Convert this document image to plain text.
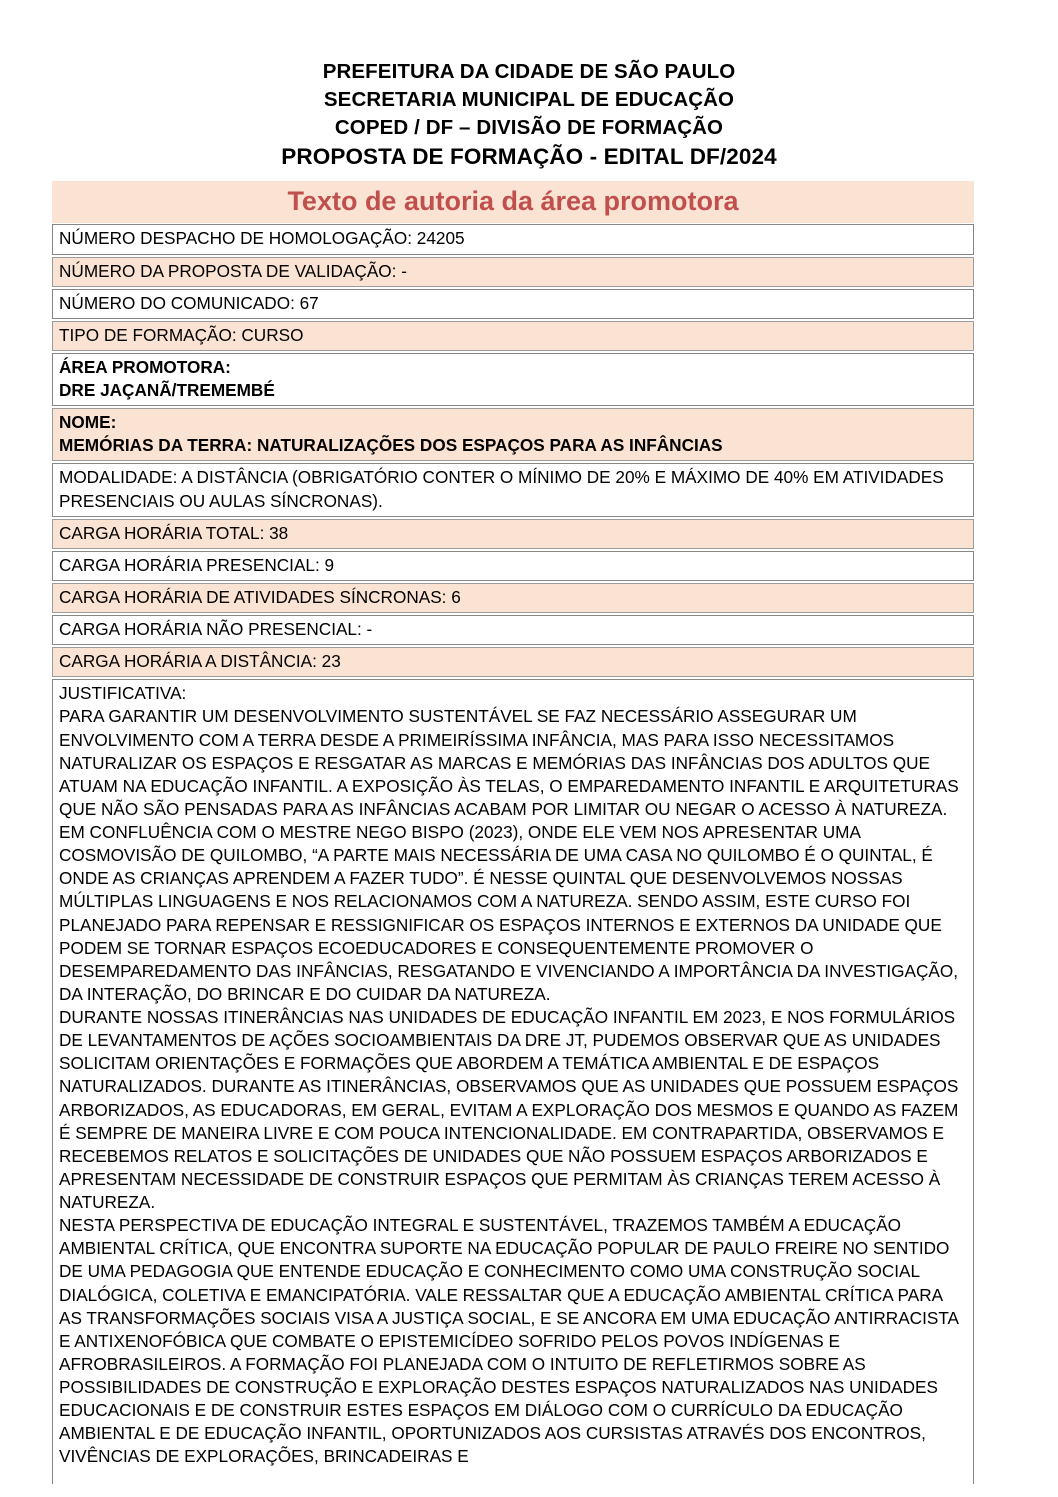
PREFEITURA DA CIDADE DE SÃO PAULO
SECRETARIA MUNICIPAL DE EDUCAÇÃO
COPED / DF – DIVISÃO DE FORMAÇÃO
PROPOSTA DE FORMAÇÃO - EDITAL DF/2024
Texto de autoria da área promotora
NÚMERO DESPACHO DE HOMOLOGAÇÃO: 24205
NÚMERO DA PROPOSTA DE VALIDAÇÃO: -
NÚMERO DO COMUNICADO: 67
TIPO DE FORMAÇÃO: CURSO
ÁREA PROMOTORA:
DRE JAÇANÃ/TREMEMBÉ
NOME:
MEMÓRIAS DA TERRA: NATURALIZAÇÕES DOS ESPAÇOS PARA AS INFÂNCIAS
MODALIDADE: A DISTÂNCIA (OBRIGATÓRIO CONTER O MÍNIMO DE 20% E MÁXIMO DE 40% EM ATIVIDADES PRESENCIAIS OU AULAS SÍNCRONAS).
CARGA HORÁRIA TOTAL: 38
CARGA HORÁRIA PRESENCIAL: 9
CARGA HORÁRIA DE ATIVIDADES SÍNCRONAS: 6
CARGA HORÁRIA NÃO PRESENCIAL: -
CARGA HORÁRIA A DISTÂNCIA: 23

JUSTIFICATIVA:

PARA GARANTIR UM DESENVOLVIMENTO SUSTENTÁVEL SE FAZ NECESSÁRIO ASSEGURAR UM ENVOLVIMENTO COM A TERRA DESDE A PRIMEIRÍSSIMA INFÂNCIA, MAS PARA ISSO NECESSITAMOS NATURALIZAR OS ESPAÇOS E RESGATAR AS MARCAS E MEMÓRIAS DAS INFÂNCIAS DOS ADULTOS QUE ATUAM NA EDUCAÇÃO INFANTIL. A EXPOSIÇÃO ÀS TELAS, O EMPAREDAMENTO INFANTIL E ARQUITETURAS QUE NÃO SÃO PENSADAS PARA AS INFÂNCIAS ACABAM POR LIMITAR OU NEGAR O ACESSO À NATUREZA. EM CONFLUÊNCIA COM O MESTRE NEGO BISPO (2023), ONDE ELE VEM NOS APRESENTAR UMA COSMOVISÃO DE QUILOMBO, “A PARTE MAIS NECESSÁRIA DE UMA CASA NO QUILOMBO É O QUINTAL, É ONDE AS CRIANÇAS APRENDEM A FAZER TUDO”. É NESSE QUINTAL QUE DESENVOLVEMOS NOSSAS MÚLTIPLAS LINGUAGENS E NOS RELACIONAMOS COM A NATUREZA. SENDO ASSIM, ESTE CURSO FOI PLANEJADO PARA REPENSAR E RESSIGNIFICAR OS ESPAÇOS INTERNOS E EXTERNOS DA UNIDADE QUE PODEM SE TORNAR ESPAÇOS ECOEDUCADORES E CONSEQUENTEMENTE PROMOVER O DESEMPAREDAMENTO DAS INFÂNCIAS, RESGATANDO E VIVENCIANDO A IMPORTÂNCIA DA INVESTIGAÇÃO, DA INTERAÇÃO, DO BRINCAR E DO CUIDAR DA NATUREZA.

DURANTE NOSSAS ITINERÂNCIAS NAS UNIDADES DE EDUCAÇÃO INFANTIL EM 2023, E NOS FORMULÁRIOS DE LEVANTAMENTOS DE AÇÕES SOCIOAMBIENTAIS DA DRE JT, PUDEMOS OBSERVAR QUE AS UNIDADES SOLICITAM ORIENTAÇÕES E FORMAÇÕES QUE ABORDEM A TEMÁTICA AMBIENTAL E DE ESPAÇOS NATURALIZADOS. DURANTE AS ITINERÂNCIAS, OBSERVAMOS QUE AS UNIDADES QUE POSSUEM ESPAÇOS ARBORIZADOS, AS EDUCADORAS, EM GERAL, EVITAM A EXPLORAÇÃO DOS MESMOS E QUANDO AS FAZEM É SEMPRE DE MANEIRA LIVRE E COM POUCA INTENCIONALIDADE. EM CONTRAPARTIDA, OBSERVAMOS E RECEBEMOS RELATOS E SOLICITAÇÕES DE UNIDADES QUE NÃO POSSUEM ESPAÇOS ARBORIZADOS E APRESENTAM NECESSIDADE DE CONSTRUIR ESPAÇOS QUE PERMITAM ÀS CRIANÇAS TEREM ACESSO À NATUREZA.

NESTA PERSPECTIVA DE EDUCAÇÃO INTEGRAL E SUSTENTÁVEL, TRAZEMOS TAMBÉM A EDUCAÇÃO AMBIENTAL CRÍTICA, QUE ENCONTRA SUPORTE NA EDUCAÇÃO POPULAR DE PAULO FREIRE NO SENTIDO DE UMA PEDAGOGIA QUE ENTENDE EDUCAÇÃO E CONHECIMENTO COMO UMA CONSTRUÇÃO SOCIAL DIALÓGICA, COLETIVA E EMANCIPATÓRIA. VALE RESSALTAR QUE A EDUCAÇÃO AMBIENTAL CRÍTICA PARA AS TRANSFORMAÇÕES SOCIAIS VISA A JUSTIÇA SOCIAL, E SE ANCORA EM UMA EDUCAÇÃO ANTIRRACISTA E ANTIXENOFÓBICA QUE COMBATE O EPISTEMICÍDEO SOFRIDO PELOS POVOS INDÍGENAS E AFROBRASILEIROS. A FORMAÇÃO FOI PLANEJADA COM O INTUITO DE REFLETIRMOS SOBRE AS POSSIBILIDADES DE CONSTRUÇÃO E EXPLORAÇÃO DESTES ESPAÇOS NATURALIZADOS NAS UNIDADES EDUCACIONAIS E DE CONSTRUIR ESTES ESPAÇOS EM DIÁLOGO COM O CURRÍCULO DA EDUCAÇÃO AMBIENTAL E DE EDUCAÇÃO INFANTIL, OPORTUNIZADOS AOS CURSISTAS ATRAVÉS DOS ENCONTROS, VIVÊNCIAS DE EXPLORAÇÕES, BRINCADEIRAS E
